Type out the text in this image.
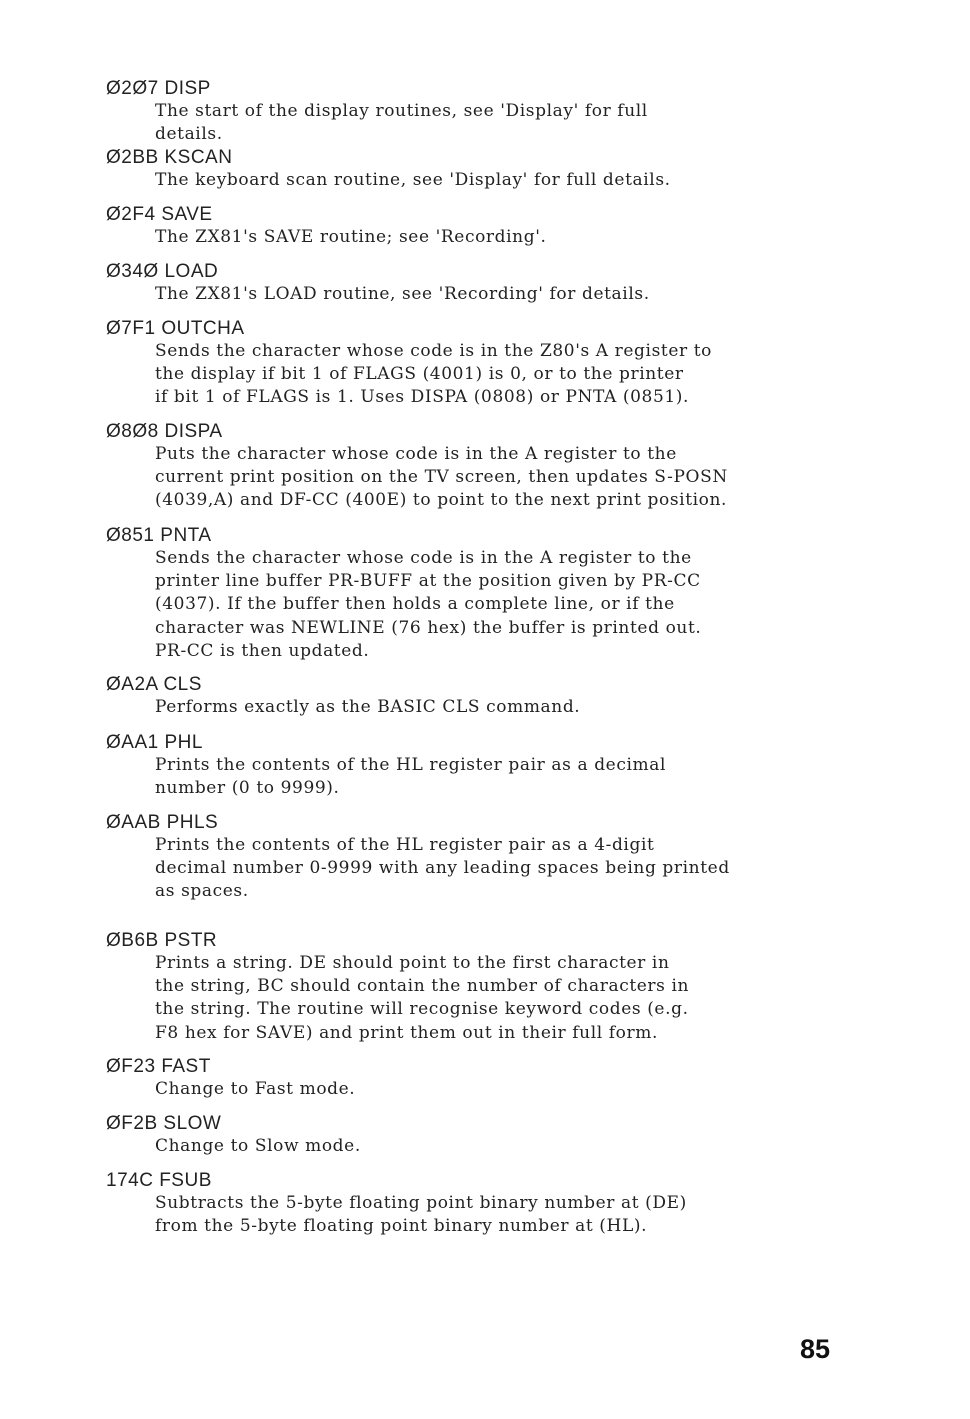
Ø2Ø7 DISP
The start of the display routines, see 'Display' for full
details.
Ø2BB KSCAN
The keyboard scan routine, see 'Display' for full details.
Ø2F4 SAVE
The ZX81's SAVE routine; see 'Recording'.
Ø34Ø LOAD
The ZX81's LOAD routine, see 'Recording' for details.
Ø7F1 OUTCHA
Sends the character whose code is in the Z80's A register to
the display if bit 1 of FLAGS (4001) is 0, or to the printer
if bit 1 of FLAGS is 1. Uses DISPA (0808) or PNTA (0851).
Ø8Ø8 DISPA
Puts the character whose code is in the A register to the
current print position on the TV screen, then updates S-POSN
(4039,A) and DF-CC (400E) to point to the next print position.
Ø851 PNTA
Sends the character whose code is in the A register to the
printer line buffer PR-BUFF at the position given by PR-CC
(4037). If the buffer then holds a complete line, or if the
character was NEWLINE (76 hex) the buffer is printed out.
PR-CC is then updated.
ØA2A CLS
Performs exactly as the BASIC CLS command.
ØAA1 PHL
Prints the contents of the HL register pair as a decimal
number (0 to 9999).
ØAAB PHLS
Prints the contents of the HL register pair as a 4-digit
decimal number 0-9999 with any leading spaces being printed
as spaces.
ØB6B PSTR
Prints a string. DE should point to the first character in
the string, BC should contain the number of characters in
the string. The routine will recognise keyword codes (e.g.
F8 hex for SAVE) and print them out in their full form.
ØF23 FAST
Change to Fast mode.
ØF2B SLOW
Change to Slow mode.
174C FSUB
Subtracts the 5-byte floating point binary number at (DE)
from the 5-byte floating point binary number at (HL).
85
